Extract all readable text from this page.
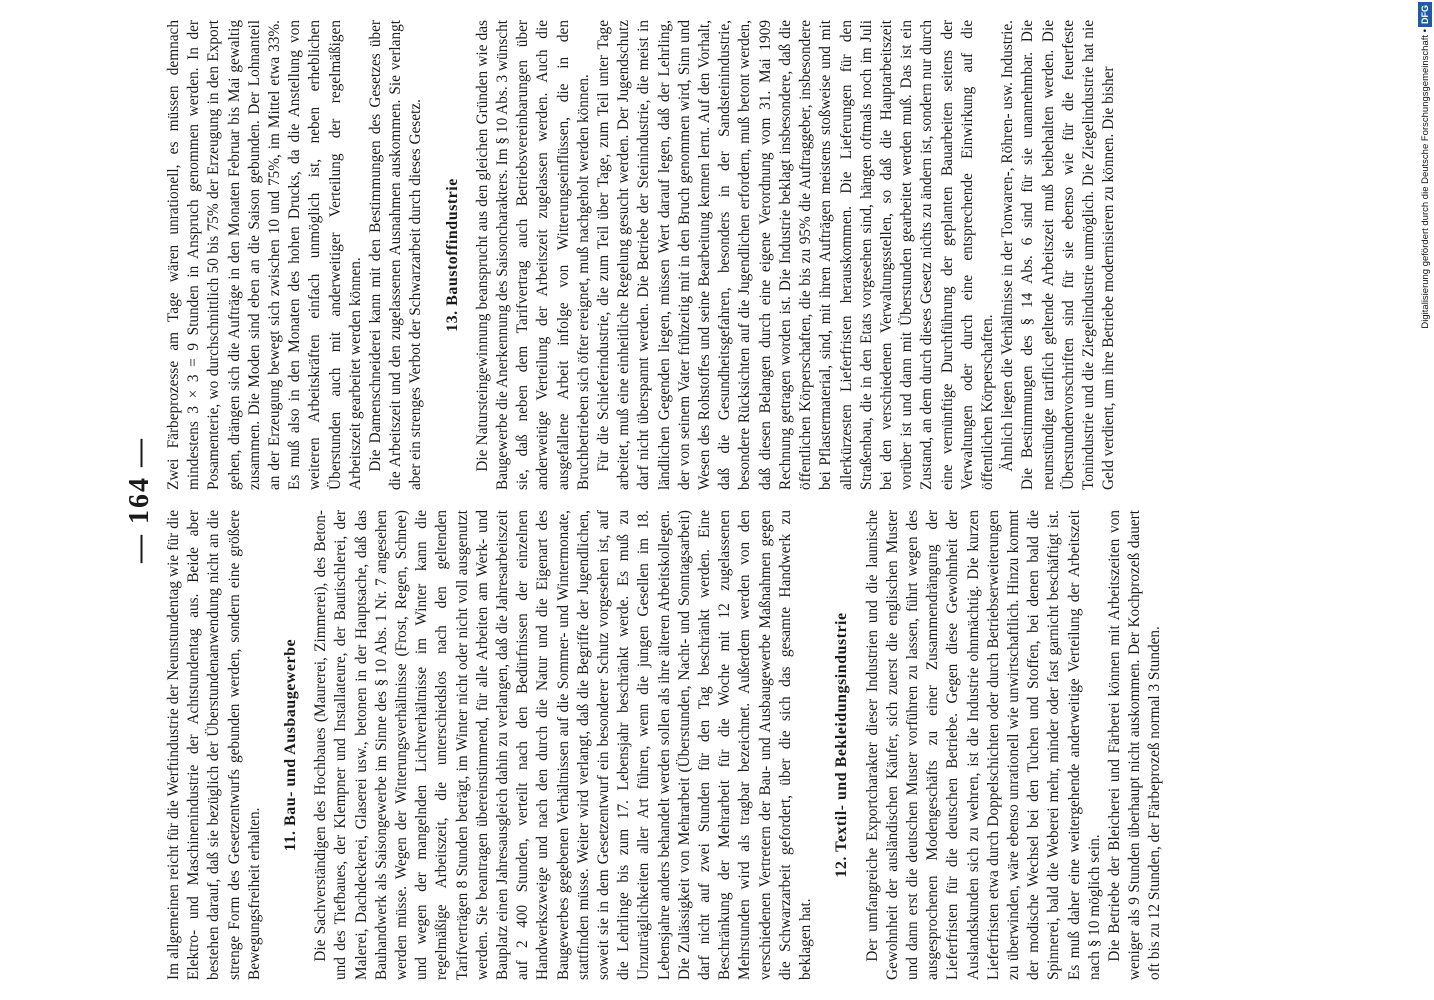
— 164 —

Im allgemeinen reicht für die Werftindustrie der Neunstundentag wie für die Elektro- und Maschinenindustrie der Achtstundentag aus. Beide aber bestehen darauf, daß sie bezüglich der Überstundenanwendung nicht an die strenge Form des Gesetzentwurfs gebunden werden, sondern eine größere Bewegungsfreiheit erhalten.

11. Bau- und Ausbaugewerbe Die Sachverständigen des Hochbaues (Maurerei, Zimmerei), des Beton- und des Tiefbaues, der Klempner und Installateure, der Bautischlerei, der Malerei, Dachdeckerei, Glaserei usw., betonen in der Hauptsache, daß das Bauhandwerk als Saisongewerbe im Sinne des § 10 Abs. 1 Nr. 7 angesehen werden müsse. Wegen der Witterungsverhältnisse (Frost, Regen, Schnee) und wegen der mangelnden Lichtverhältnisse im Winter kann die regelmäßige Arbeitszeit, die unterschiedslos nach den geltenden Tarifverträgen 8 Stunden beträgt, im Winter nicht oder nicht voll ausgenutzt werden. Sie beantragen übereinstimmend, für alle Arbeiten am Werk- und Bauplatz einen Jahresausgleich dahin zu verlangen, daß die Jahresarbeitszeit auf 2 400 Stunden, verteilt nach den Bedürfnissen der einzelnen Handwerkszweige und nach den durch die Natur und die Eigenart des Baugewerbes gegebenen Verhältnissen auf die Sommer- und Wintermonate, stattfinden müsse. Weiter wird verlangt, daß die Begriffe der Jugendlichen, soweit sie in dem Gesetzentwurf ein besonderer Schutz vorgesehen ist, auf die Lehrlinge bis zum 17. Lebensjahr beschränkt werde. Es muß zu Unzuträglichkeiten aller Art führen, wenn die jungen Gesellen im 18. Lebensjahre anders behandelt werden sollen als ihre älteren Arbeitskollegen. Die Zulässigkeit von Mehrarbeit (Überstunden, Nacht- und Sonntagsarbeit) darf nicht auf zwei Stunden für den Tag beschränkt werden. Eine Beschränkung der Mehrarbeit für die Woche mit 12 zugelassenen Mehrstunden wird als tragbar bezeichnet. Außerdem werden von den verschiedenen Vertretern der Bau- und Ausbaugewerbe Maßnahmen gegen die Schwarzarbeit gefordert, über die sich das gesamte Handwerk zu beklagen hat.

12. Textil- und Bekleidungsindustrie Der umfangreiche Exportcharakter dieser Industrien und die launische Gewohnheit der ausländischen Käufer, sich zuerst die englischen Muster und dann erst die deutschen Muster vorführen zu lassen, führt wegen des ausgesprochenen Modengeschäfts zu einer Zusammendrängung der Lieferfristen für die deutschen Betriebe. Gegen diese Gewohnheit der Auslandskunden sich zu wehren, ist die Industrie ohnmächtig. Die kurzen Lieferfristen etwa durch Doppelschichten oder durch Betriebserweiterungen zu überwinden, wäre ebenso unrationell wie unwirtschaftlich. Hinzu kommt der modische Wechsel bei den Tuchen und Stoffen, bei denen bald die Spinnerei, bald die Weberei mehr, minder oder fast garnicht beschäftigt ist. Es muß daher eine weitergehende anderweitige Verteilung der Arbeitszeit nach § 10 möglich sein. Die Betriebe der Bleicherei und Färberei können mit Arbeitszeiten von weniger als 9 Stunden überhaupt nicht auskommen. Der Kochprozeß dauert oft bis zu 12 Stunden, der Färbeprozeß normal 3 Stunden.

Zwei Färbeprozesse am Tage wären unrationell, es müssen demnach mindestens 3 × 3 = 9 Stunden in Anspruch genommen werden. In der Posamenterie, wo durchschnittlich 50 bis 75% der Erzeugung in den Export gehen, drängen sich die Aufträge in den Monaten Februar bis Mai gewaltig zusammen. Die Moden sind eben an die Saison gebunden. Der Lohnanteil an der Erzeugung bewegt sich zwischen 10 und 75%, im Mittel etwa 33%. Es muß also in den Monaten des hohen Drucks, da die Anstellung von weiteren Arbeitskräften einfach unmöglich ist, neben erheblichen Überstunden auch mit anderweitiger Verteilung der regelmäßigen Arbeitszeit gearbeitet werden können. Die Damenschneiderei kann mit den Bestimmungen des Gesetzes über die Arbeitszeit und den zugelassenen Ausnahmen auskommen. Sie verlangt aber ein strenges Verbot der Schwarzarbeit durch dieses Gesetz. 13. Baustoffindustrie Die Natursteingewinnung beansprucht aus den gleichen Gründen wie das Baugewerbe die Anerkennung des Saisoncharakters. Im § 10 Abs. 3 wünscht sie, daß neben dem Tarifvertrag auch Betriebsvereinbarungen über anderweitige Verteilung der Arbeitszeit zugelassen werden. Auch die ausgefallene Arbeit infolge von Witterungseinflüssen, die in den Bruchbetrieben sich öfter ereignet, muß nachgeholt werden können. Für die Schieferindustrie, die zum Teil über Tage, zum Teil unter Tage arbeitet, muß eine einheitliche Regelung gesucht werden. Der Jugendschutz darf nicht überspannt werden. Die Betriebe der Steinindustrie, die meist in ländlichen Gegenden liegen, müssen Wert darauf legen, daß der Lehrling, der von seinem Vater frühzeitig mit in den Bruch genommen wird, Sinn und Wesen des Rohstoffes und seine Bearbeitung kennen lernt. Auf den Vorhalt, daß die Gesundheitsgefahren, besonders in der Sandsteinindustrie, besondere Rücksichten auf die Jugendlichen erfordern, muß betont werden, daß diesen Belangen durch eine eigene Verordnung vom 31. Mai 1909 Rechnung getragen worden ist. Die Industrie beklagt insbesondere, daß die öffentlichen Körperschaften, die bis zu 95% die Auftraggeber, insbesondere bei Pflastermaterial, sind, mit ihren Aufträgen meistens stoßweise und mit allerkürzesten Lieferfristen herauskommen. Die Lieferungen für den Straßenbau, die in den Etats vorgesehen sind, hängen oftmals noch im Juli bei den verschiedenen Verwaltungsstellen, so daß die Hauptarbeitszeit vorüber ist und dann mit Überstunden gearbeitet werden muß. Das ist ein Zustand, an dem durch dieses Gesetz nichts zu ändern ist, sondern nur durch eine vernünftige Durchführung der geplanten Bauarbeiten seitens der Verwaltungen oder durch eine entsprechende Einwirkung auf die öffentlichen Körperschaften. Ähnlich liegen die Verhältnisse in der Tonwaren-, Röhren- usw. Industrie. Die Bestimmungen des § 14 Abs. 6 sind für sie unannehmbar. Die neunstündige tariflich geltende Arbeitszeit muß beibehalten werden. Die Überstundenvorschriften sind für sie ebenso wie für die feuerfeste Tonindustrie und die Ziegelindustrie unmöglich. Die Ziegelindustrie hat nie Geld verdient, um ihre Betriebe modernisieren zu können. Die bisher	Digitalisierung gefördert durch die Deutsche Forschungsgemeinschaft •DFG
